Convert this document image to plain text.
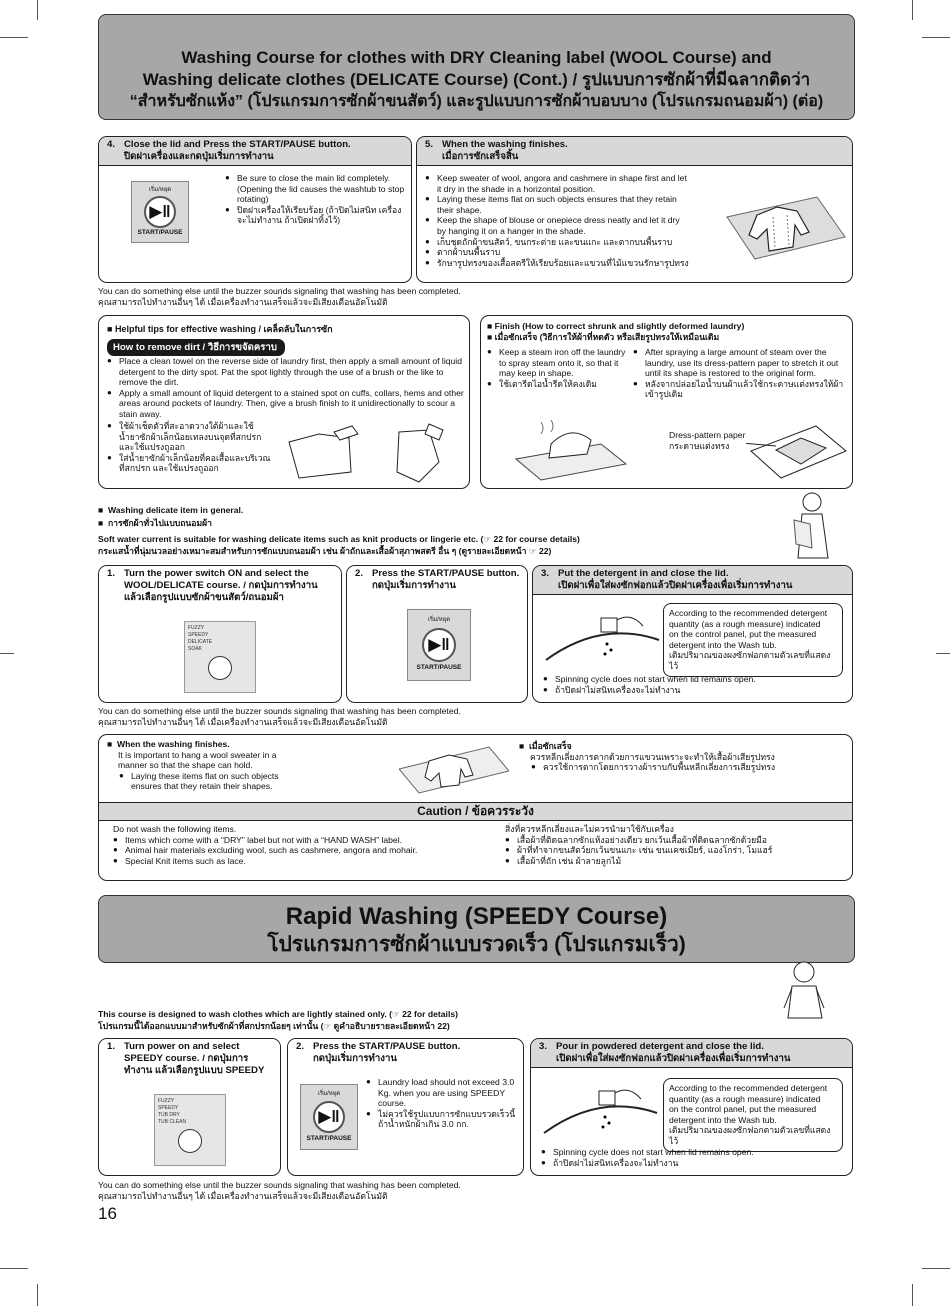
Washing Course for clothes with DRY Cleaning label (WOOL Course) and
Washing delicate clothes (DELICATE Course) (Cont.) / รูปแบบการซักผ้าที่มีฉลากติดว่า
“สำหรับซักแห้ง” (โปรแกรมการซักผ้าขนสัตว์) และรูปแบบการซักผ้าบอบบาง (โปรแกรมถนอมผ้า) (ต่อ)
4. Close the lid and Press the START/PAUSE button.
ปิดฝาเครื่องและกดปุ่มเริ่มการทำงาน
เริ่ม/หยุด
▶‖
START/PAUSE
● Be sure to close the main lid completely. (Opening the lid causes the washtub to stop rotating)
● ปิดฝาเครื่องให้เรียบร้อย (ถ้าปิดไม่สนิท เครื่องจะไม่ทำงาน ถ้าเปิดฝาทิ้งไว้)
5. When the washing finishes.
เมื่อการซักเสร็จสิ้น
● Keep sweater of wool, angora and cashmere in shape first and let it dry in the shade in a horizontal position.
● Laying these items flat on such objects ensures that they retain their shape.
● Keep the shape of blouse or onepiece dress neatly and let it dry by hanging it on a hanger in the shade.
● เก็บชุดถักผ้าขนสัตว์, ขนกระต่าย และขนแกะ และตากบนพื้นราบ
● ตากผ้าบนพื้นราบ
● รักษารูปทรงของเสื้อสตรีให้เรียบร้อยและแขวนที่ไม้แขวนรักษารูปทรง
You can do something else until the buzzer sounds signaling that washing has been completed.
คุณสามารถไปทำงานอื่นๆ ได้ เมื่อเครื่องทำงานเสร็จแล้วจะมีเสียงเตือนอัตโนมัติ
■ Helpful tips for effective washing / เคล็ดลับในการซัก
How to remove dirt / วิธีการขจัดคราบ
● Place a clean towel on the reverse side of laundry first, then apply a small amount of liquid detergent to the dirty spot. Pat the spot lightly through the use of a brush or the like to remove the dirt.
● Apply a small amount of liquid detergent to a stained spot on cuffs, collars, hems and other areas around pockets of laundry. Then, give a brush finish to it unidirectionally to scour a stain away.
● ใช้ผ้าเช็ดตัวที่สะอาดวางใต้ผ้าและใช้น้ำยาซักผ้าเล็กน้อยเทลงบนจุดที่สกปรก และใช้แปรงถูออก
● ใส่น้ำยาซักผ้าเล็กน้อยที่คอเสื้อและบริเวณที่สกปรก และใช้แปรงถูออก
■ Finish (How to correct shrunk and slightly deformed laundry)
■ เมื่อซักเสร็จ (วิธีการให้ผ้าที่หดตัว หรือเสียรูปทรงให้เหมือนเดิม
● Keep a steam iron off the laundry to spray steam onto it, so that it may keep in shape.
● ใช้เตารีดไอน้ำรีดให้คงเดิม
● After spraying a large amount of steam over the laundry, use its dress-pattern paper to stretch it out until its shape is restored to the original form.
● หลังจากปล่อยไอน้ำบนผ้าแล้วใช้กระดาษแต่งทรงให้ผ้าเข้ารูปเดิม
Dress-pattern paper
กระดาษแต่งทรง
■  Washing delicate item in general.
■  การซักผ้าทั่วไปแบบถนอมผ้า
Soft water current is suitable for washing delicate items such as knit products or lingerie etc. (☞ 22 for course details)
กระแสน้ำที่นุ่มนวลอย่างเหมาะสมสำหรับการซักแบบถนอมผ้า เช่น ผ้าถักและเสื้อผ้าสุภาพสตรี อื่น ๆ (ดูรายละเอียดหน้า ☞ 22)
1. Turn the power switch ON and select the
WOOL/DELICATE course. / กดปุ่มการทำงาน
แล้วเลือกรูปแบบซักผ้าขนสัตว์/ถนอมผ้า
FUZZY
SPEEDY
DELICATE
SOAK
2. Press the START/PAUSE button.
กดปุ่มเริ่มการทำงาน
เริ่ม/หยุด
▶‖
START/PAUSE
3. Put the detergent in and close the lid.
เปิดฝาเพื่อใส่ผงซักฟอกแล้วปิดฝาเครื่องเพื่อเริ่มการทำงาน
According to the recommended detergent
quantity (as a rough measure) indicated
on the control panel, put the measured
detergent into the Wash tub.
เติมปริมาณของผงซักฟอกตามตัวเลขที่แสดงไว้
● Spinning cycle does not start when lid remains open.
● ถ้าปิดฝาไม่สนิทเครื่องจะไม่ทำงาน
You can do something else until the buzzer sounds signaling that washing has been completed.
คุณสามารถไปทำงานอื่นๆ ได้ เมื่อเครื่องทำงานเสร็จแล้วจะมีเสียงเตือนอัตโนมัติ
■  When the washing finishes.
It is important to hang a wool sweater in a manner so that the shape can hold.
● Laying these items flat on such objects ensures that they retain their shapes.
■  เมื่อซักเสร็จ
ควรหลีกเลี่ยงการตากด้วยการแขวนเพราะจะทำให้เสื้อผ้าเสียรูปทรง
● ควรใช้การตากโดยการวางผ้าราบกับพื้นหลีกเลี่ยงการเสียรูปทรง
Caution / ข้อควรระวัง
Do not wash the following items.
● Items which come with a “DRY” label but not with a “HAND WASH” label.
● Animal hair materials excluding wool, such as cashmere, angora and mohair.
● Special Knit items such as lace.
สิ่งที่ควรหลีกเลี่ยงและไม่ควรนำมาใช้กับเครื่อง
● เสื้อผ้าที่ติดฉลากซักแห้งอย่างเดียว ยกเว้นเสื้อผ้าที่ติดฉลากซักด้วยมือ
● ผ้าที่ทำจากขนสัตว์ยกเว้นขนแกะ เช่น ขนแคชเมียร์, แองโกร่า, โมแฮร์
● เสื้อผ้าที่ถัก เช่น ผ้าลายลูกไม้
Rapid Washing (SPEEDY Course)
โปรแกรมการซักผ้าแบบรวดเร็ว (โปรแกรมเร็ว)
This course is designed to wash clothes which are lightly stained only. (☞ 22 for details)
โปรแกรมนี้ได้ออกแบบมาสำหรับซักผ้าที่สกปรกน้อยๆ เท่านั้น (☞ ดูคำอธิบายรายละเอียดหน้า 22)
1. Turn power on and select
SPEEDY course. / กดปุ่มการ
ทำงาน แล้วเลือกรูปแบบ SPEEDY
FUZZY
SPEEDY
TUB DRY
TUB CLEAN
2. Press the START/PAUSE button.
กดปุ่มเริ่มการทำงาน
เริ่ม/หยุด
▶‖
START/PAUSE
● Laundry load should not exceed 3.0 Kg. when you are using SPEEDY course.
● ไม่ควรใช้รูปแบบการซักแบบรวดเร็วนี้ ถ้าน้ำหนักผ้าเกิน 3.0 กก.
3. Pour in powdered detergent and close the lid.
เปิดฝาเพื่อใส่ผงซักฟอกแล้วปิดฝาเครื่องเพื่อเริ่มการทำงาน
According to the recommended detergent
quantity (as a rough measure) indicated
on the control panel, put the measured
detergent into the Wash tub.
เติมปริมาณของผงซักฟอกตามตัวเลขที่แสดงไว้
● Spinning cycle does not start when lid remains open.
● ถ้าปิดฝาไม่สนิทเครื่องจะไม่ทำงาน
You can do something else until the buzzer sounds signaling that washing has been completed.
คุณสามารถไปทำงานอื่นๆ ได้ เมื่อเครื่องทำงานเสร็จแล้วจะมีเสียงเตือนอัตโนมัติ
16
